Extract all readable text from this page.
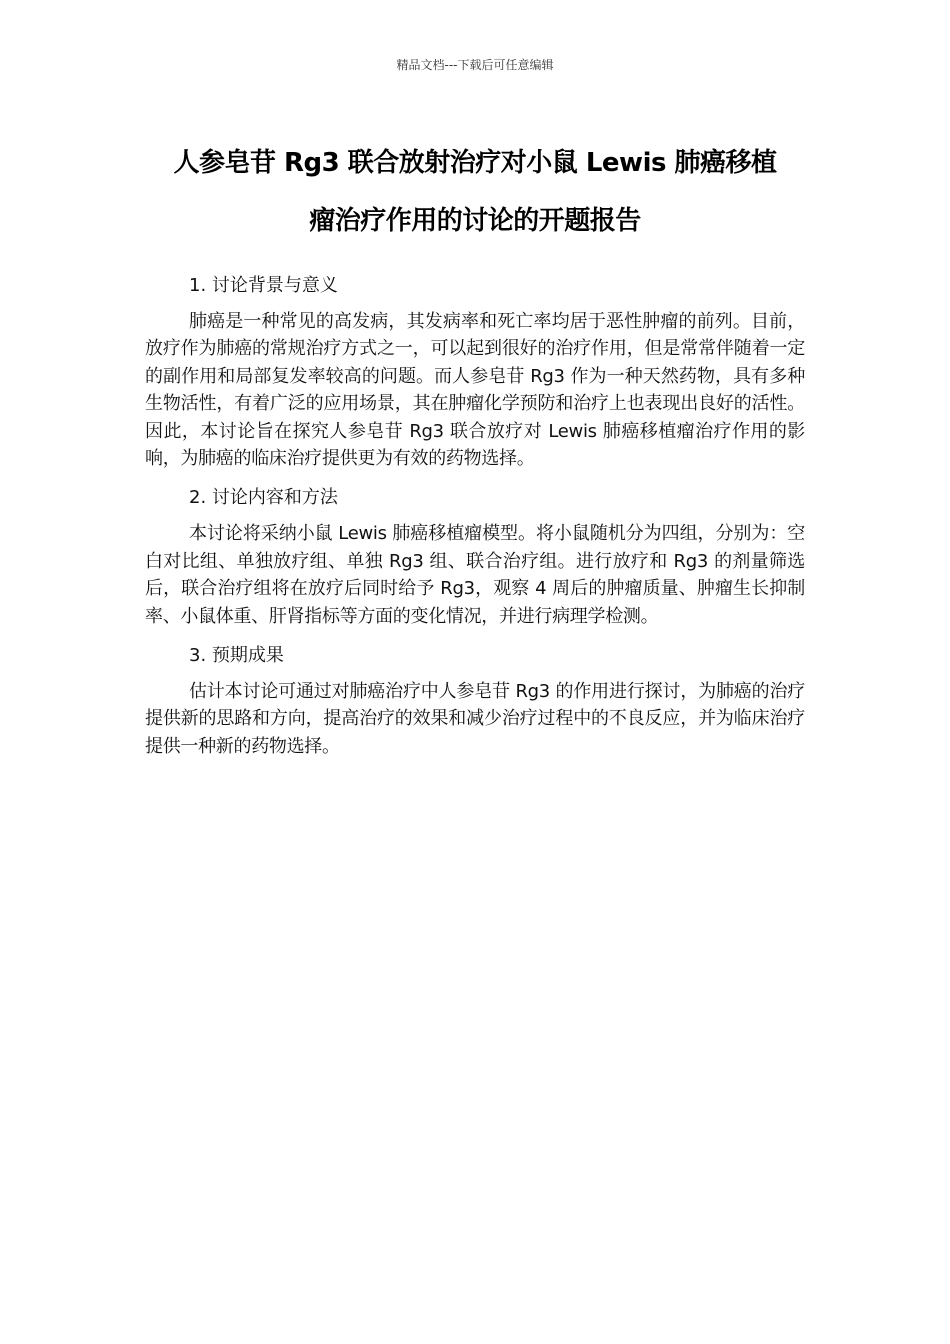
精品文档---下载后可任意编辑
人参皂苷 Rg3 联合放射治疗对小鼠 Lewis 肺癌移植
瘤治疗作用的讨论的开题报告

1. 讨论背景与意义

肺癌是一种常见的高发病，其发病率和死亡率均居于恶性肿瘤的前列。目前，放疗作为肺癌的常规治疗方式之一，可以起到很好的治疗作用，但是常常伴随着一定的副作用和局部复发率较高的问题。而人参皂苷 Rg3 作为一种天然药物，具有多种生物活性，有着广泛的应用场景，其在肿瘤化学预防和治疗上也表现出良好的活性。因此，本讨论旨在探究人参皂苷 Rg3 联合放疗对 Lewis 肺癌移植瘤治疗作用的影响，为肺癌的临床治疗提供更为有效的药物选择。

2. 讨论内容和方法

本讨论将采纳小鼠 Lewis 肺癌移植瘤模型。将小鼠随机分为四组，分别为：空白对比组、单独放疗组、单独 Rg3 组、联合治疗组。进行放疗和 Rg3 的剂量筛选后，联合治疗组将在放疗后同时给予 Rg3，观察 4 周后的肿瘤质量、肿瘤生长抑制率、小鼠体重、肝肾指标等方面的变化情况，并进行病理学检测。

3. 预期成果

估计本讨论可通过对肺癌治疗中人参皂苷 Rg3 的作用进行探讨，为肺癌的治疗提供新的思路和方向，提高治疗的效果和减少治疗过程中的不良反应，并为临床治疗提供一种新的药物选择。
